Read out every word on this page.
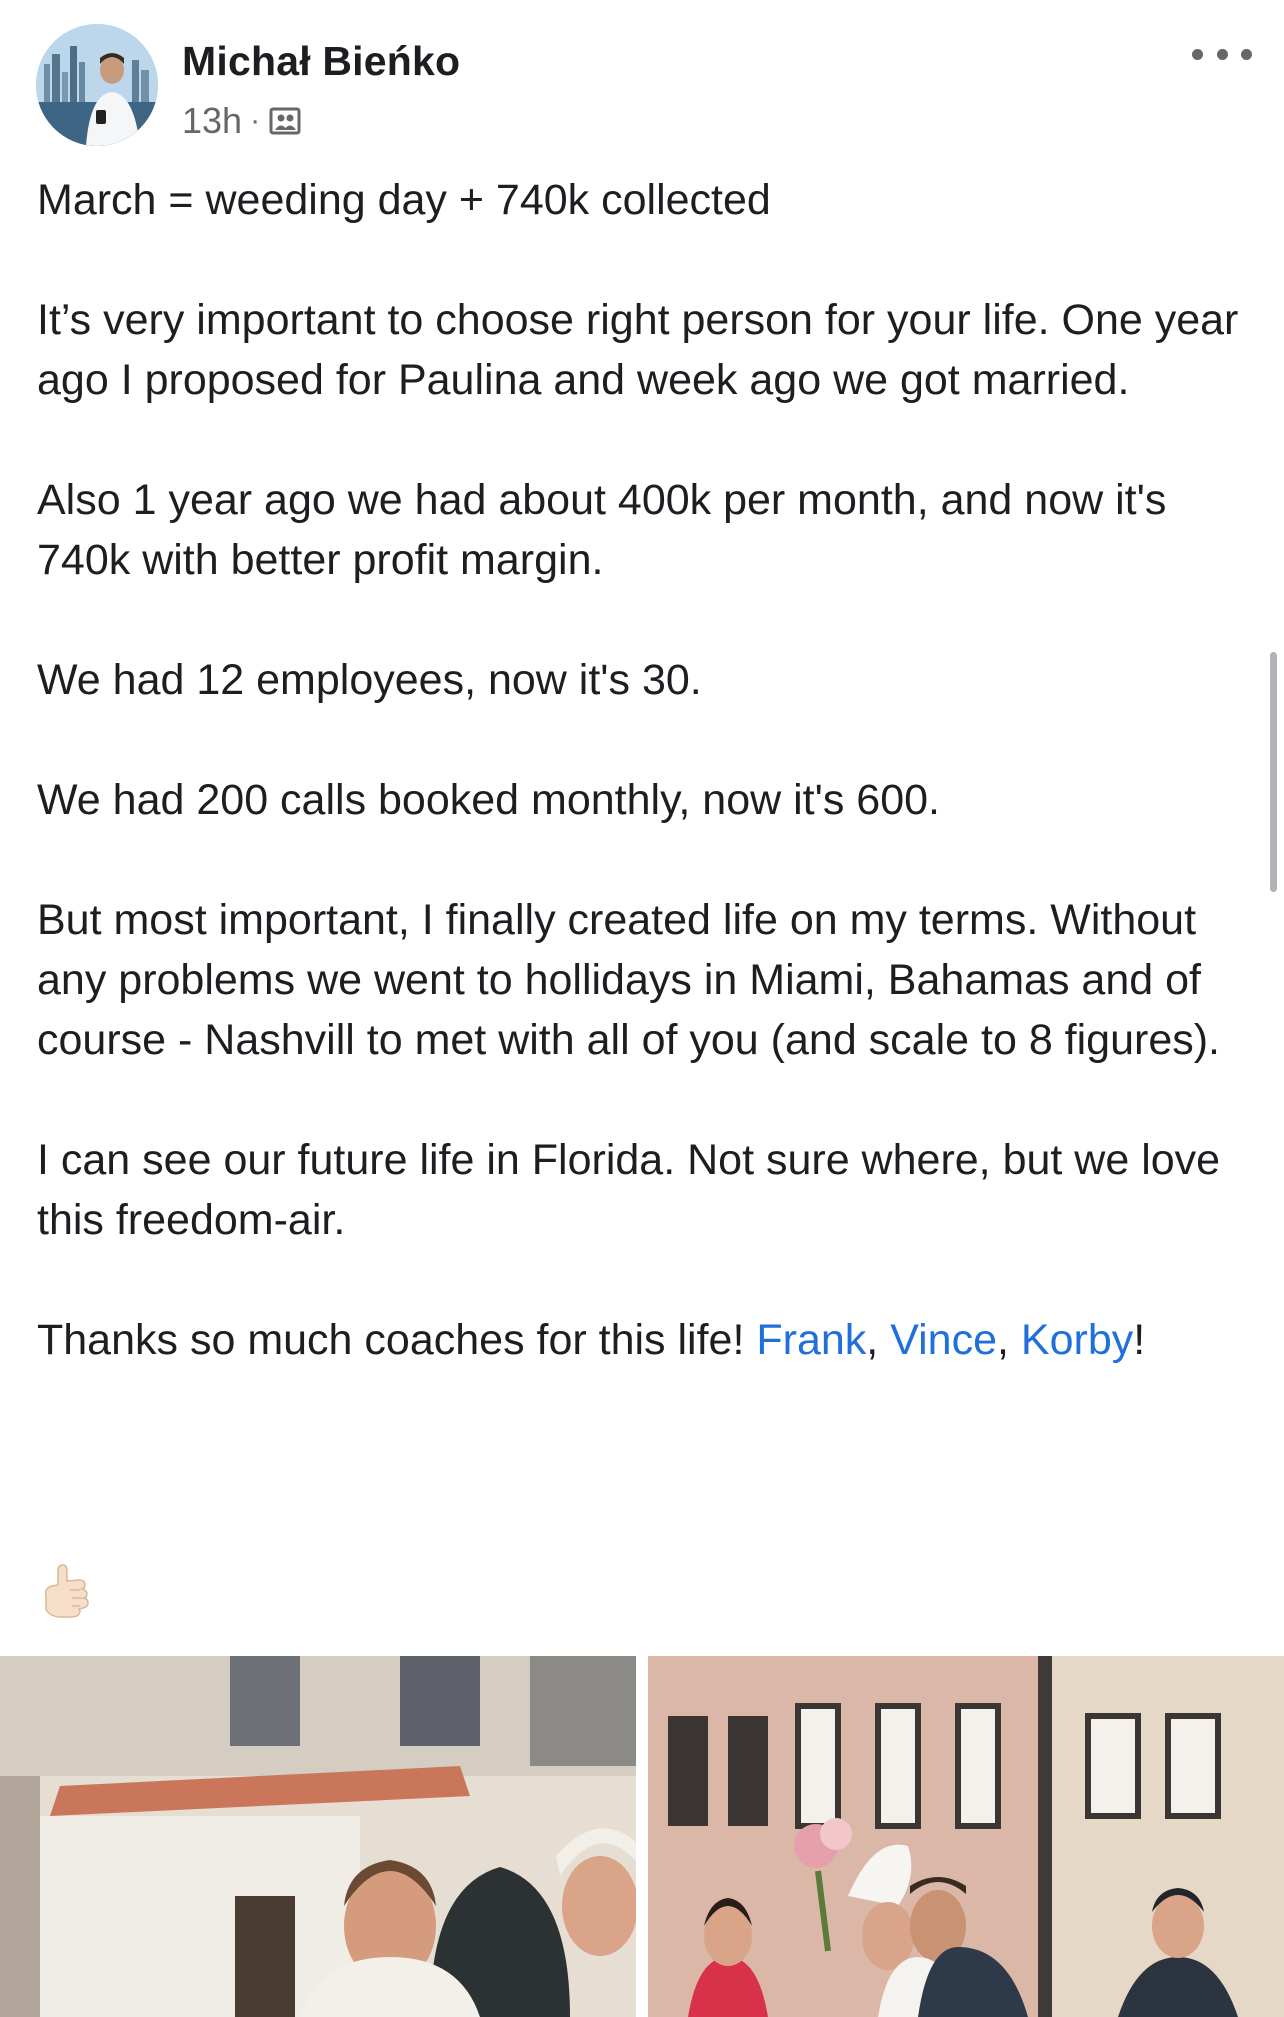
Michał Bieńko
13h ·

March = weeding day + 740k collected

It’s very important to choose right person for your life. One year ago I proposed for Paulina and week ago we got married.

Also 1 year ago we had about 400k per month, and now it's 740k with better profit margin.

We had 12 employees, now it's 30.

We had 200 calls booked monthly, now it's 600.

But most important, I finally created life on my terms. Without any problems we went to hollidays in Miami, Bahamas and of course - Nashvill to met with all of you (and scale to 8 figures).

I can see our future life in Florida. Not sure where, but we love this freedom-air.

Thanks so much coaches for this life! Frank, Vince, Korby!
